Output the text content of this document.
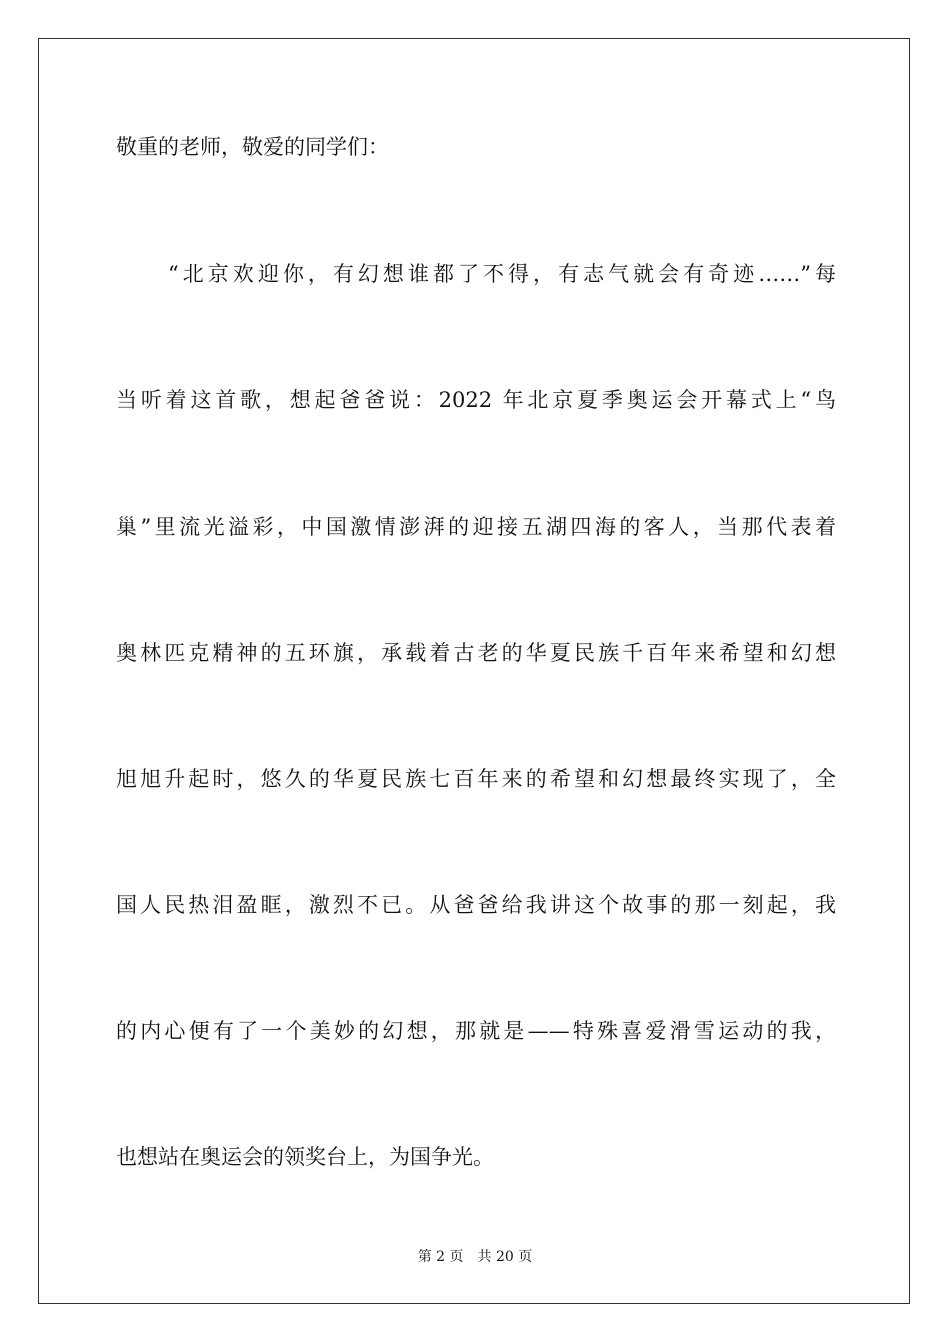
敬重的老师，敬爱的同学们：
“北京欢迎你，有幻想谁都了不得，有志气就会有奇迹……”每
当听着这首歌，想起爸爸说：2022 年北京夏季奥运会开幕式上“鸟
巢”里流光溢彩，中国激情澎湃的迎接五湖四海的客人，当那代表着
奥林匹克精神的五环旗，承载着古老的华夏民族千百年来希望和幻想
旭旭升起时，悠久的华夏民族七百年来的希望和幻想最终实现了，全
国人民热泪盈眶，激烈不已。从爸爸给我讲这个故事的那一刻起，我
的内心便有了一个美妙的幻想，那就是——特殊喜爱滑雪运动的我，
也想站在奥运会的领奖台上，为国争光。
第 2 页 共 20 页
